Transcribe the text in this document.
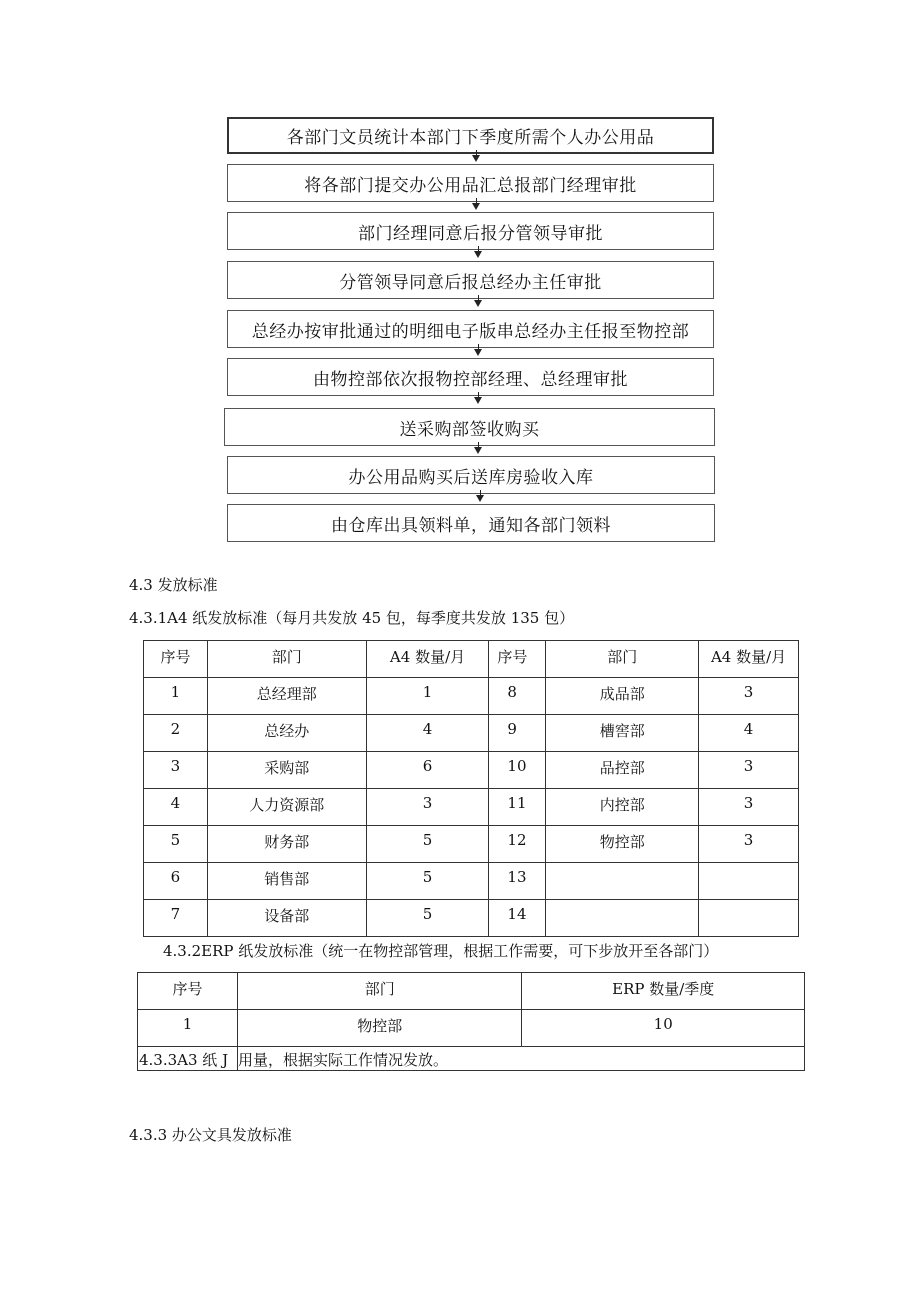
各部门文员统计本部门下季度所需个人办公用品
将各部门提交办公用品汇总报部门经理审批
部门经理同意后报分管领导审批
分管领导同意后报总经办主任审批
总经办按审批通过的明细电子版串总经办主任报至物控部
由物控部依次报物控部经理、总经理审批
送采购部签收购买
办公用品购买后送库房验收入库
由仓库出具领料单，通知各部门领料
4.3 发放标准
4.3.1A4 纸发放标准（每月共发放 45 包，每季度共发放 135 包）
序号	部门	A4 数量/月	序号	部门	A4 数量/月
1	总经理部	1	8	成品部	3
2	总经办	4	9	槽窖部	4
3	采购部	6	10	品控部	3
4	人力资源部	3	11	内控部	3
5	财务部	5	12	物控部	3
6	销售部	5	13		
7	设备部	5	14		
4.3.2ERP 纸发放标准（统一在物控部管理，根据工作需要，可下步放开至各部门）
序号	部门	ERP 数量/季度
1	物控部	10
4.3.3A3 纸 J	用量，根据实际工作情况发放。	
4.3.3 办公文具发放标准
